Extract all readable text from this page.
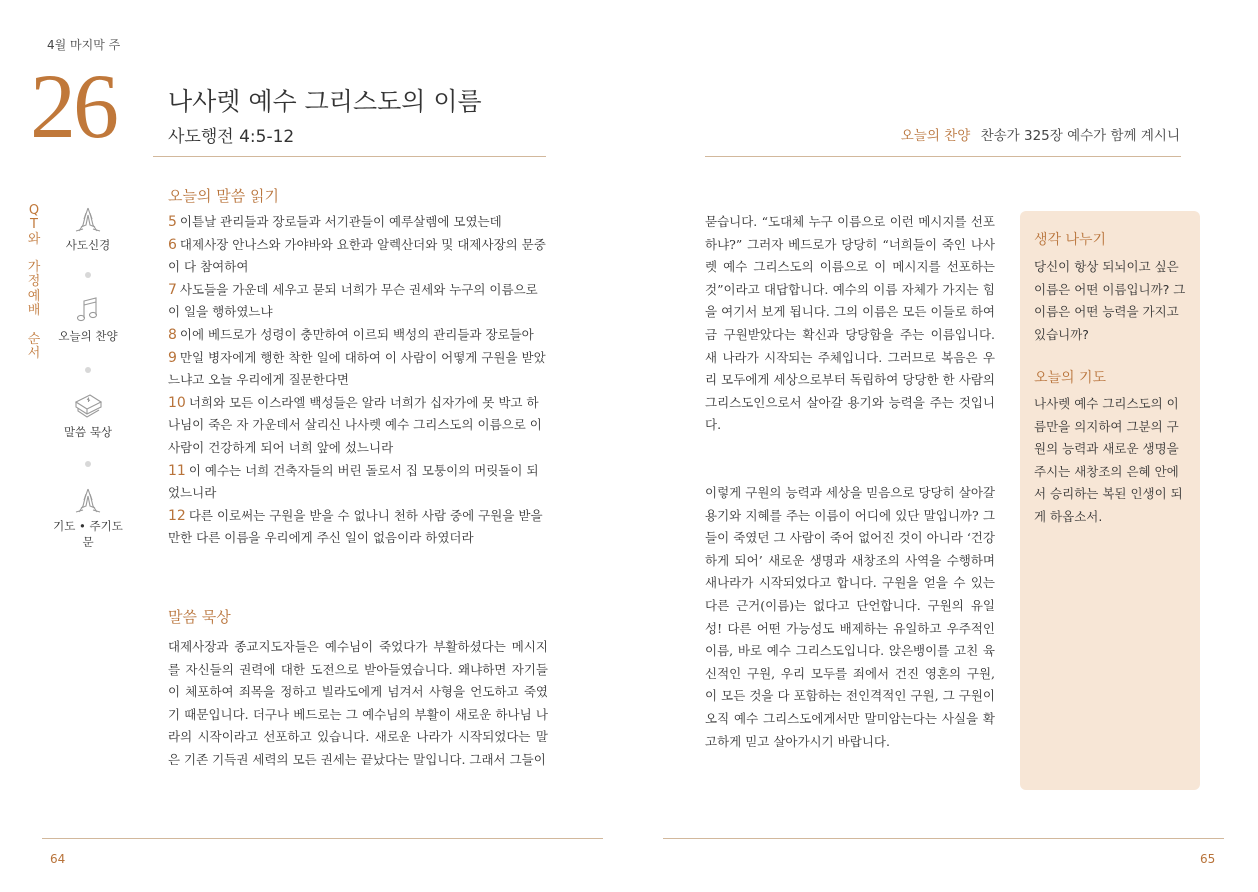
4월 마지막 주
26 나사렛 예수 그리스도의 이름
사도행전 4:5-12	오늘의 찬양 찬송가 325장 예수가 함께 계시니
Q
T
와

가
정
예
배

순
서
사도신경
오늘의 찬양
말씀 묵상
기도 • 주기도문
오늘의 말씀 읽기

5 이튿날 관리들과 장로들과 서기관들이 예루살렘에 모였는데

6 대제사장 안나스와 가야바와 요한과 알렉산더와 및 대제사장의 문중이 다 참여하여

7 사도들을 가운데 세우고 묻되 너희가 무슨 권세와 누구의 이름으로 이 일을 행하였느냐

8 이에 베드로가 성령이 충만하여 이르되 백성의 관리들과 장로들아

9 만일 병자에게 행한 착한 일에 대하여 이 사람이 어떻게 구원을 받았느냐고 오늘 우리에게 질문한다면

10 너희와 모든 이스라엘 백성들은 알라 너희가 십자가에 못 박고 하나님이 죽은 자 가운데서 살리신 나사렛 예수 그리스도의 이름으로 이 사람이 건강하게 되어 너희 앞에 섰느니라

11 이 예수는 너희 건축자들의 버린 돌로서 집 모퉁이의 머릿돌이 되었느니라

12 다른 이로써는 구원을 받을 수 없나니 천하 사람 중에 구원을 받을 만한 다른 이름을 우리에게 주신 일이 없음이라 하였더라

말씀 묵상

대제사장과 종교지도자들은 예수님이 죽었다가 부활하셨다는 메시지를 자신들의 권력에 대한 도전으로 받아들였습니다. 왜냐하면 자기들이 체포하여 죄목을 정하고 빌라도에게 넘겨서 사형을 언도하고 죽였기 때문입니다. 더구나 베드로는 그 예수님의 부활이 새로운 하나님 나라의 시작이라고 선포하고 있습니다. 새로운 나라가 시작되었다는 말은 기존 기득권 세력의 모든 권세는 끝났다는 말입니다. 그래서 그들이

묻습니다. “도대체 누구 이름으로 이런 메시지를 선포하냐?” 그러자 베드로가 당당히 “너희들이 죽인 나사렛 예수 그리스도의 이름으로 이 메시지를 선포하는 것”이라고 대답합니다. 예수의 이름 자체가 가지는 힘을 여기서 보게 됩니다. 그의 이름은 모든 이들로 하여금 구원받았다는 확신과 당당함을 주는 이름입니다. 새 나라가 시작되는 주체입니다. 그러므로 복음은 우리 모두에게 세상으로부터 독립하여 당당한 한 사람의 그리스도인으로서 살아갈 용기와 능력을 주는 것입니다.

이렇게 구원의 능력과 세상을 믿음으로 당당히 살아갈 용기와 지혜를 주는 이름이 어디에 있단 말입니까? 그들이 죽였던 그 사람이 죽어 없어진 것이 아니라 ‘건강하게 되어’ 새로운 생명과 새창조의 사역을 수행하며 새나라가 시작되었다고 합니다. 구원을 얻을 수 있는 다른 근거(이름)는 없다고 단언합니다. 구원의 유일성! 다른 어떤 가능성도 배제하는 유일하고 우주적인 이름, 바로 예수 그리스도입니다. 앉은뱅이를 고친 육신적인 구원, 우리 모두를 죄에서 건진 영혼의 구원, 이 모든 것을 다 포함하는 전인격적인 구원, 그 구원이 오직 예수 그리스도에게서만 말미암는다는 사실을 확고하게 믿고 살아가시기 바랍니다.

생각 나누기

당신이 항상 되뇌이고 싶은 이름은 어떤 이름입니까? 그 이름은 어떤 능력을 가지고 있습니까?

오늘의 기도

나사렛 예수 그리스도의 이름만을 의지하여 그분의 구원의 능력과 새로운 생명을 주시는 새창조의 은혜 안에서 승리하는 복된 인생이 되게 하옵소서.

64	65
